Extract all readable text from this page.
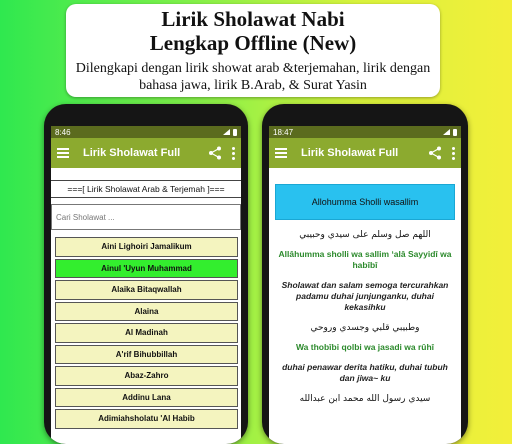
Lirik Sholawat Nabi Lengkap Offline (New)
Dilengkapi dengan lirik showat arab &terjemahan, lirik dengan bahasa jawa, lirik B.Arab, & Surat Yasin
8:46
Lirik Sholawat Full
===[ Lirik Sholawat Arab & Terjemah ]===
Cari Sholawat ...
Aini Lighoiri Jamalikum
Ainul 'Uyun Muhammad
Alaika Bitaqwallah
Alaina
Al Madinah
A'rif Bihubbillah
Abaz-Zahro
Addinu Lana
Adimiahsholatu 'Al Habib
18:47
Lirik Sholawat Full
Allohumma Sholli wasallim
اللهم صل وسلم على سيدي وحبيبي
Allâhumma sholli wa sallim ‘alâ Sayyidî wa habîbî
Sholawat dan salam semoga tercurahkan padamu duhai junjunganku, duhai kekasihku
وطبيبي قلبي وجسدي وروحي
Wa thobîbi qolbi wa jasadi wa rûhî
duhai penawar derita hatiku, duhai tubuh dan jiwa~ ku
سيدي رسول الله محمد ابن عبدالله
